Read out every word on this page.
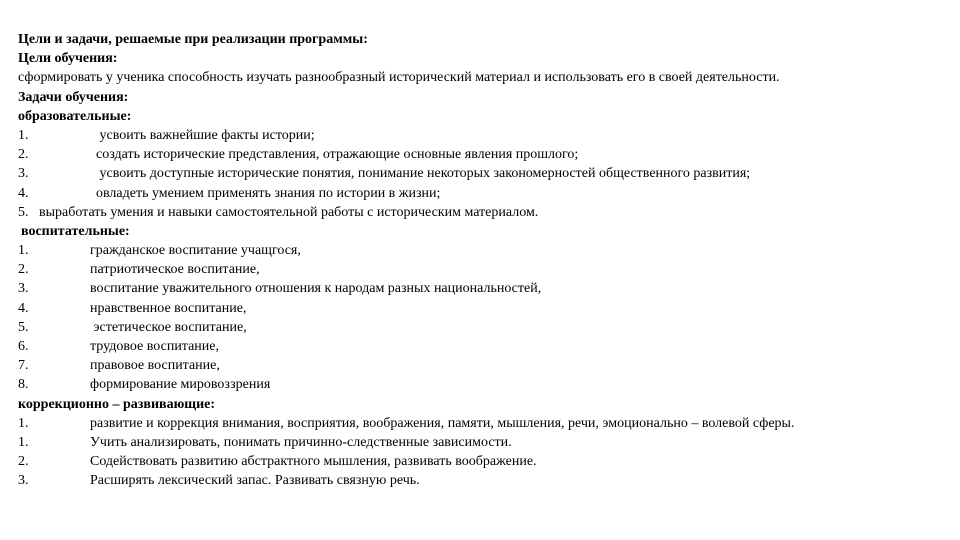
Цели и задачи, решаемые при реализации программы:
Цели обучения:
сформировать у ученика способность изучать разнообразный исторический материал и использовать его в своей деятельности.
Задачи обучения:
образовательные:
1.	усвоить важнейшие факты истории;
2.	создать исторические представления, отражающие основные явления прошлого;
3.	усвоить доступные исторические понятия, понимание некоторых закономерностей общественного развития;
4.	овладеть умением применять знания по истории в жизни;
5. выработать умения и навыки самостоятельной работы с историческим материалом.
воспитательные:
1.	гражданское воспитание учащгося,
2.	патриотическое воспитание,
3.	воспитание уважительного отношения к народам разных национальностей,
4.	нравственное воспитание,
5.	эстетическое воспитание,
6.	трудовое воспитание,
7.	правовое воспитание,
8.	формирование мировоззрения
коррекционно – развивающие:
1.	развитие и коррекция внимания, восприятия, воображения, памяти, мышления, речи, эмоционально – волевой сферы.
1.	Учить анализировать, понимать причинно-следственные зависимости.
2.	Содействовать развитию абстрактного мышления, развивать воображение.
3.	Расширять лексический запас. Развивать связную речь.
